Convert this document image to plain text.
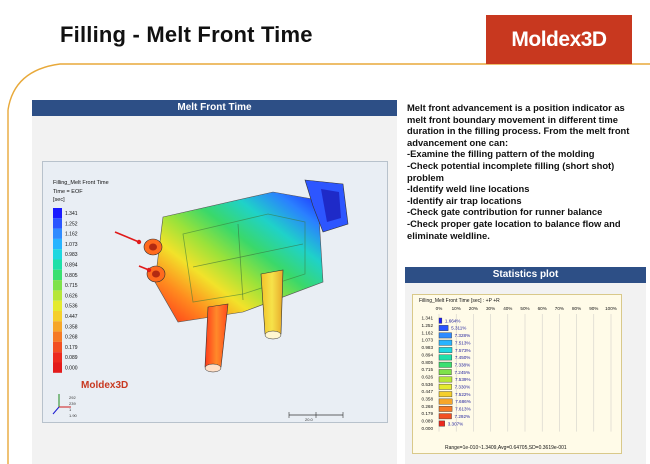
Filling - Melt Front Time	Moldex3D
Melt Front Time
Filling_Melt Front Time
Time = EOF
[sec]
1.341
1.252
1.162
1.073
0.983
0.894
0.805
0.715
0.626
0.536
0.447
0.358
0.268
0.179
0.089
0.000
Moldex3D
292
239
1
1.90
20.0

Melt front advancement is a position indicator as melt front boundary movement in different time duration in the filling process. From the melt front advancement one can:

-Examine the filling pattern of the molding

-Check potential incomplete filling (short shot) problem

-Identify weld line locations

-Identify air trap locations

-Check gate contribution for runner balance

-Check proper gate location to balance flow and eliminate weldline.

Statistics plot
Filling_Melt Front Time [sec] : +P +R
0% 10% 20% 30% 40% 50% 60% 70% 80% 90% 100%
1.341
1.252
1.162
1.073
0.983
0.894
0.805
0.715
0.626
0.536
0.447
0.358
0.268
0.179
0.089
0.000
1.664%
5.311%
7.328%
7.513%
7.573%
7.450%
7.338%
7.245%
7.539%
7.330%
7.522%
7.686%
7.613%
7.292%
3.307%
Range=1e-010~1.3409,Avg=0.64705,SD=0.3619e-001
